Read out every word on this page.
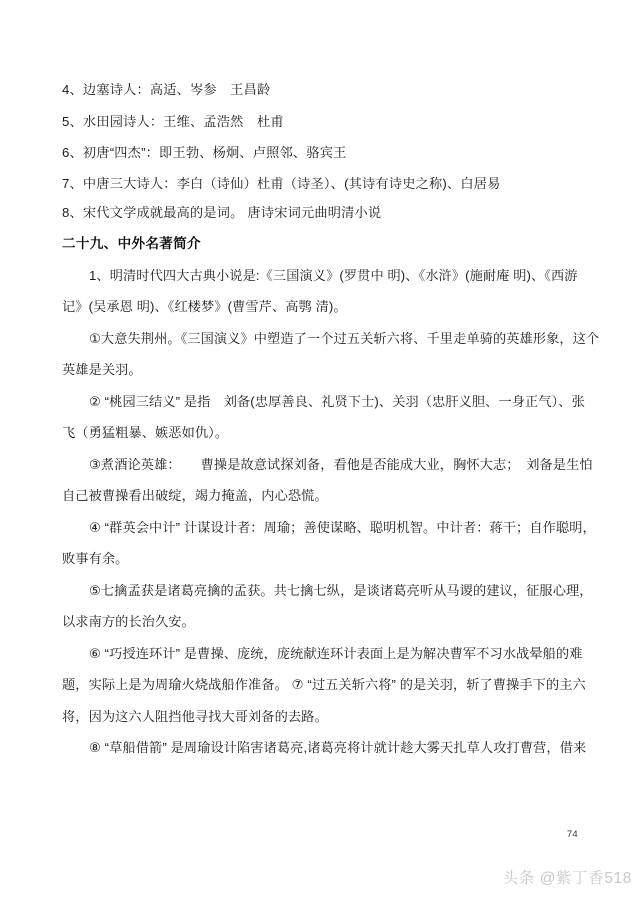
4、边塞诗人：高适、岑参　王昌龄
5、水田园诗人：王维、孟浩然　杜甫
6、初唐“四杰”：即王勃、杨炯、卢照邻、骆宾王
7、中唐三大诗人：李白（诗仙）杜甫（诗圣）、(其诗有诗史之称)、白居易
8、宋代文学成就最高的是词。 唐诗宋词元曲明清小说
二十九、中外名著简介
1、明清时代四大古典小说是:《三国演义》(罗贯中 明)、《水浒》(施耐庵 明)、《西游
记》(吴承恩 明)、《红楼梦》(曹雪芹、高鹗 清)。
①大意失荆州。《三国演义》中塑造了一个过五关斩六将、千里走单骑的英雄形象，这个
英雄是关羽。
② “桃园三结义” 是指　刘备(忠厚善良、礼贤下士)、关羽（忠肝义胆、一身正气）、张
飞（勇猛粗暴、嫉恶如仇）。
③煮酒论英雄：　　曹操是故意试探刘备，看他是否能成大业，胸怀大志；　刘备是生怕
自己被曹操看出破绽，竭力掩盖，内心恐慌。
④ “群英会中计” 计谋设计者：周瑜；善使谋略、聪明机智。中计者：蒋干；自作聪明，
败事有余。
⑤七擒孟获是诸葛亮擒的孟获。共七擒七纵，是谈诸葛亮听从马谡的建议，征服心理，
以求南方的长治久安。
⑥ “巧授连环计” 是曹操、庞统，庞统献连环计表面上是为解决曹军不习水战晕船的难
题，实际上是为周瑜火烧战船作准备。 ⑦ “过五关斩六将” 的是关羽，斩了曹操手下的主六
将，因为这六人阻挡他寻找大哥刘备的去路。
⑧ “草船借箭” 是周瑜设计陷害诸葛亮,诸葛亮将计就计趁大雾天扎草人攻打曹营，借来
74
头条 @紫丁香518
